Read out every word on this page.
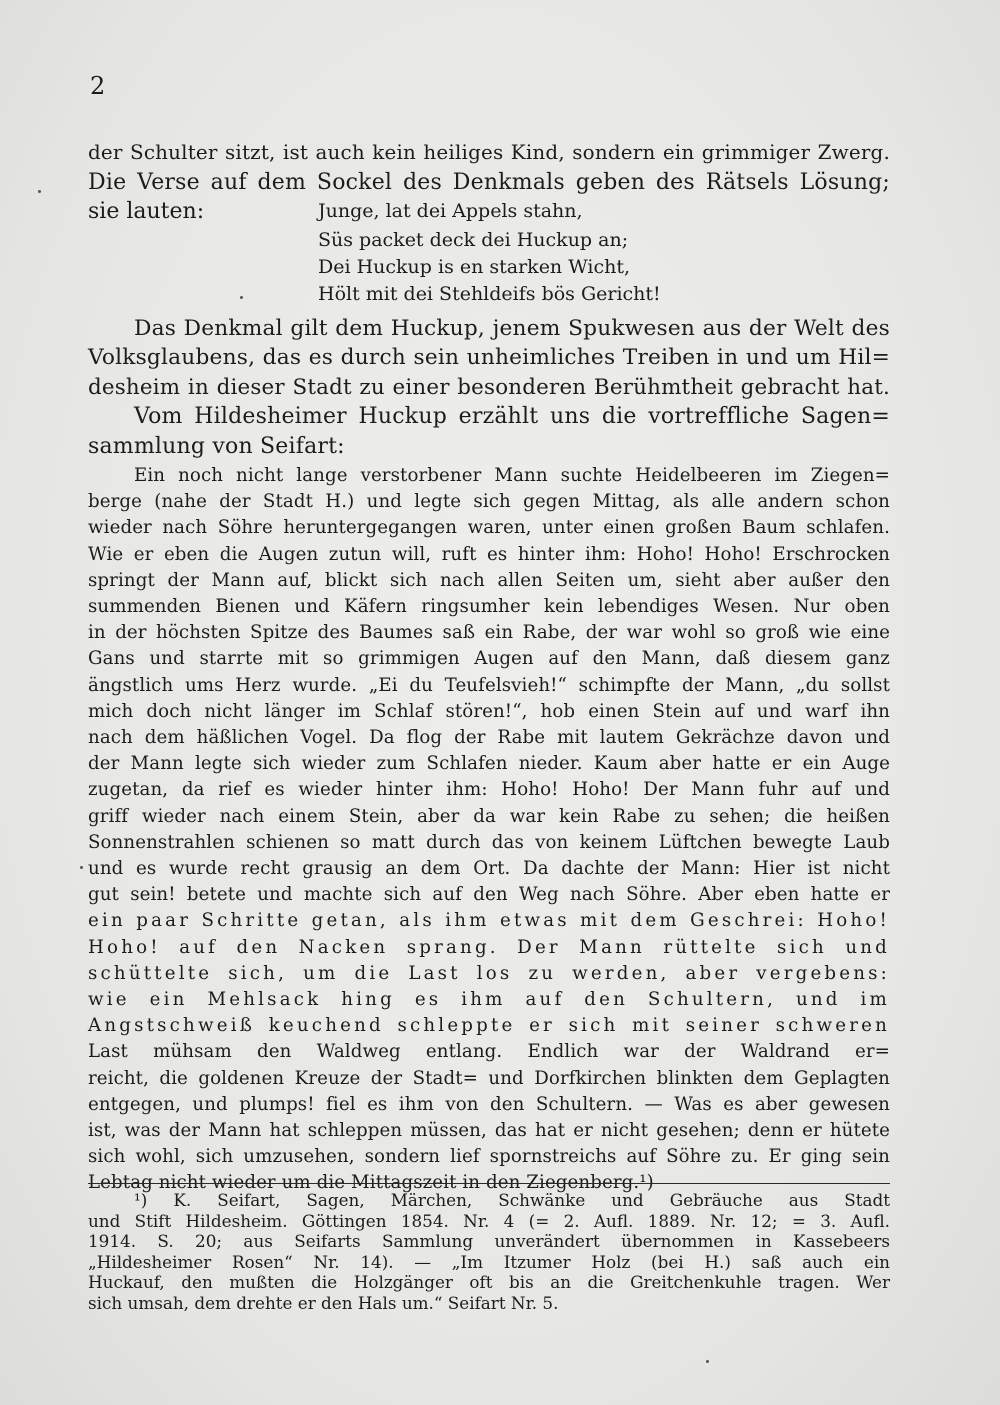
2
der Schulter sitzt, ist auch kein heiliges Kind, sondern ein grimmiger Zwerg.
Die Verse auf dem Sockel des Denkmals geben des Rätsels Lösung;
sie lauten:	Junge, lat dei Appels stahn,
Süs packet deck dei Huckup an;
Dei Huckup is en starken Wicht,
Hölt mit dei Stehldeifs bös Gericht!
Das Denkmal gilt dem Huckup, jenem Spukwesen aus der Welt des
Volksglaubens, das es durch sein unheimliches Treiben in und um Hil=
desheim in dieser Stadt zu einer besonderen Berühmtheit gebracht hat.
Vom Hildesheimer Huckup erzählt uns die vortreffliche Sagen=
sammlung von Seifart:
Ein noch nicht lange verstorbener Mann suchte Heidelbeeren im Ziegen=
berge (nahe der Stadt H.) und legte sich gegen Mittag, als alle andern schon
wieder nach Söhre heruntergegangen waren, unter einen großen Baum schlafen.
Wie er eben die Augen zutun will, ruft es hinter ihm: Hoho! Hoho! Erschrocken
springt der Mann auf, blickt sich nach allen Seiten um, sieht aber außer den
summenden Bienen und Käfern ringsumher kein lebendiges Wesen. Nur oben
in der höchsten Spitze des Baumes saß ein Rabe, der war wohl so groß wie eine
Gans und starrte mit so grimmigen Augen auf den Mann, daß diesem ganz
ängstlich ums Herz wurde. „Ei du Teufelsvieh!“ schimpfte der Mann, „du sollst
mich doch nicht länger im Schlaf stören!“, hob einen Stein auf und warf ihn
nach dem häßlichen Vogel. Da flog der Rabe mit lautem Gekrächze davon und
der Mann legte sich wieder zum Schlafen nieder. Kaum aber hatte er ein Auge
zugetan, da rief es wieder hinter ihm: Hoho! Hoho! Der Mann fuhr auf und
griff wieder nach einem Stein, aber da war kein Rabe zu sehen; die heißen
Sonnenstrahlen schienen so matt durch das von keinem Lüftchen bewegte Laub
und es wurde recht grausig an dem Ort. Da dachte der Mann: Hier ist nicht
gut sein! betete und machte sich auf den Weg nach Söhre. Aber eben hatte er
ein paar Schritte getan, als ihm etwas mit dem Geschrei: Hoho!
Hoho! auf den Nacken sprang. Der Mann rüttelte sich und
schüttelte sich, um die Last los zu werden, aber vergebens:
wie ein Mehlsack hing es ihm auf den Schultern, und im
Angstschweiß keuchend schleppte er sich mit seiner schweren
Last mühsam den Waldweg entlang. Endlich war der Waldrand er=
reicht, die goldenen Kreuze der Stadt= und Dorfkirchen blinkten dem Geplagten
entgegen, und plumps! fiel es ihm von den Schultern. — Was es aber gewesen
ist, was der Mann hat schleppen müssen, das hat er nicht gesehen; denn er hütete
sich wohl, sich umzusehen, sondern lief spornstreichs auf Söhre zu. Er ging sein
Lebtag nicht wieder um die Mittagszeit in den Ziegenberg.¹)
¹) K. Seifart, Sagen, Märchen, Schwänke und Gebräuche aus Stadt
und Stift Hildesheim. Göttingen 1854. Nr. 4 (= 2. Aufl. 1889. Nr. 12; = 3. Aufl.
1914. S. 20; aus Seifarts Sammlung unverändert übernommen in Kassebeers
„Hildesheimer Rosen“ Nr. 14). — „Im Itzumer Holz (bei H.) saß auch ein
Huckauf, den mußten die Holzgänger oft bis an die Greitchenkuhle tragen. Wer
sich umsah, dem drehte er den Hals um.“ Seifart Nr. 5.
